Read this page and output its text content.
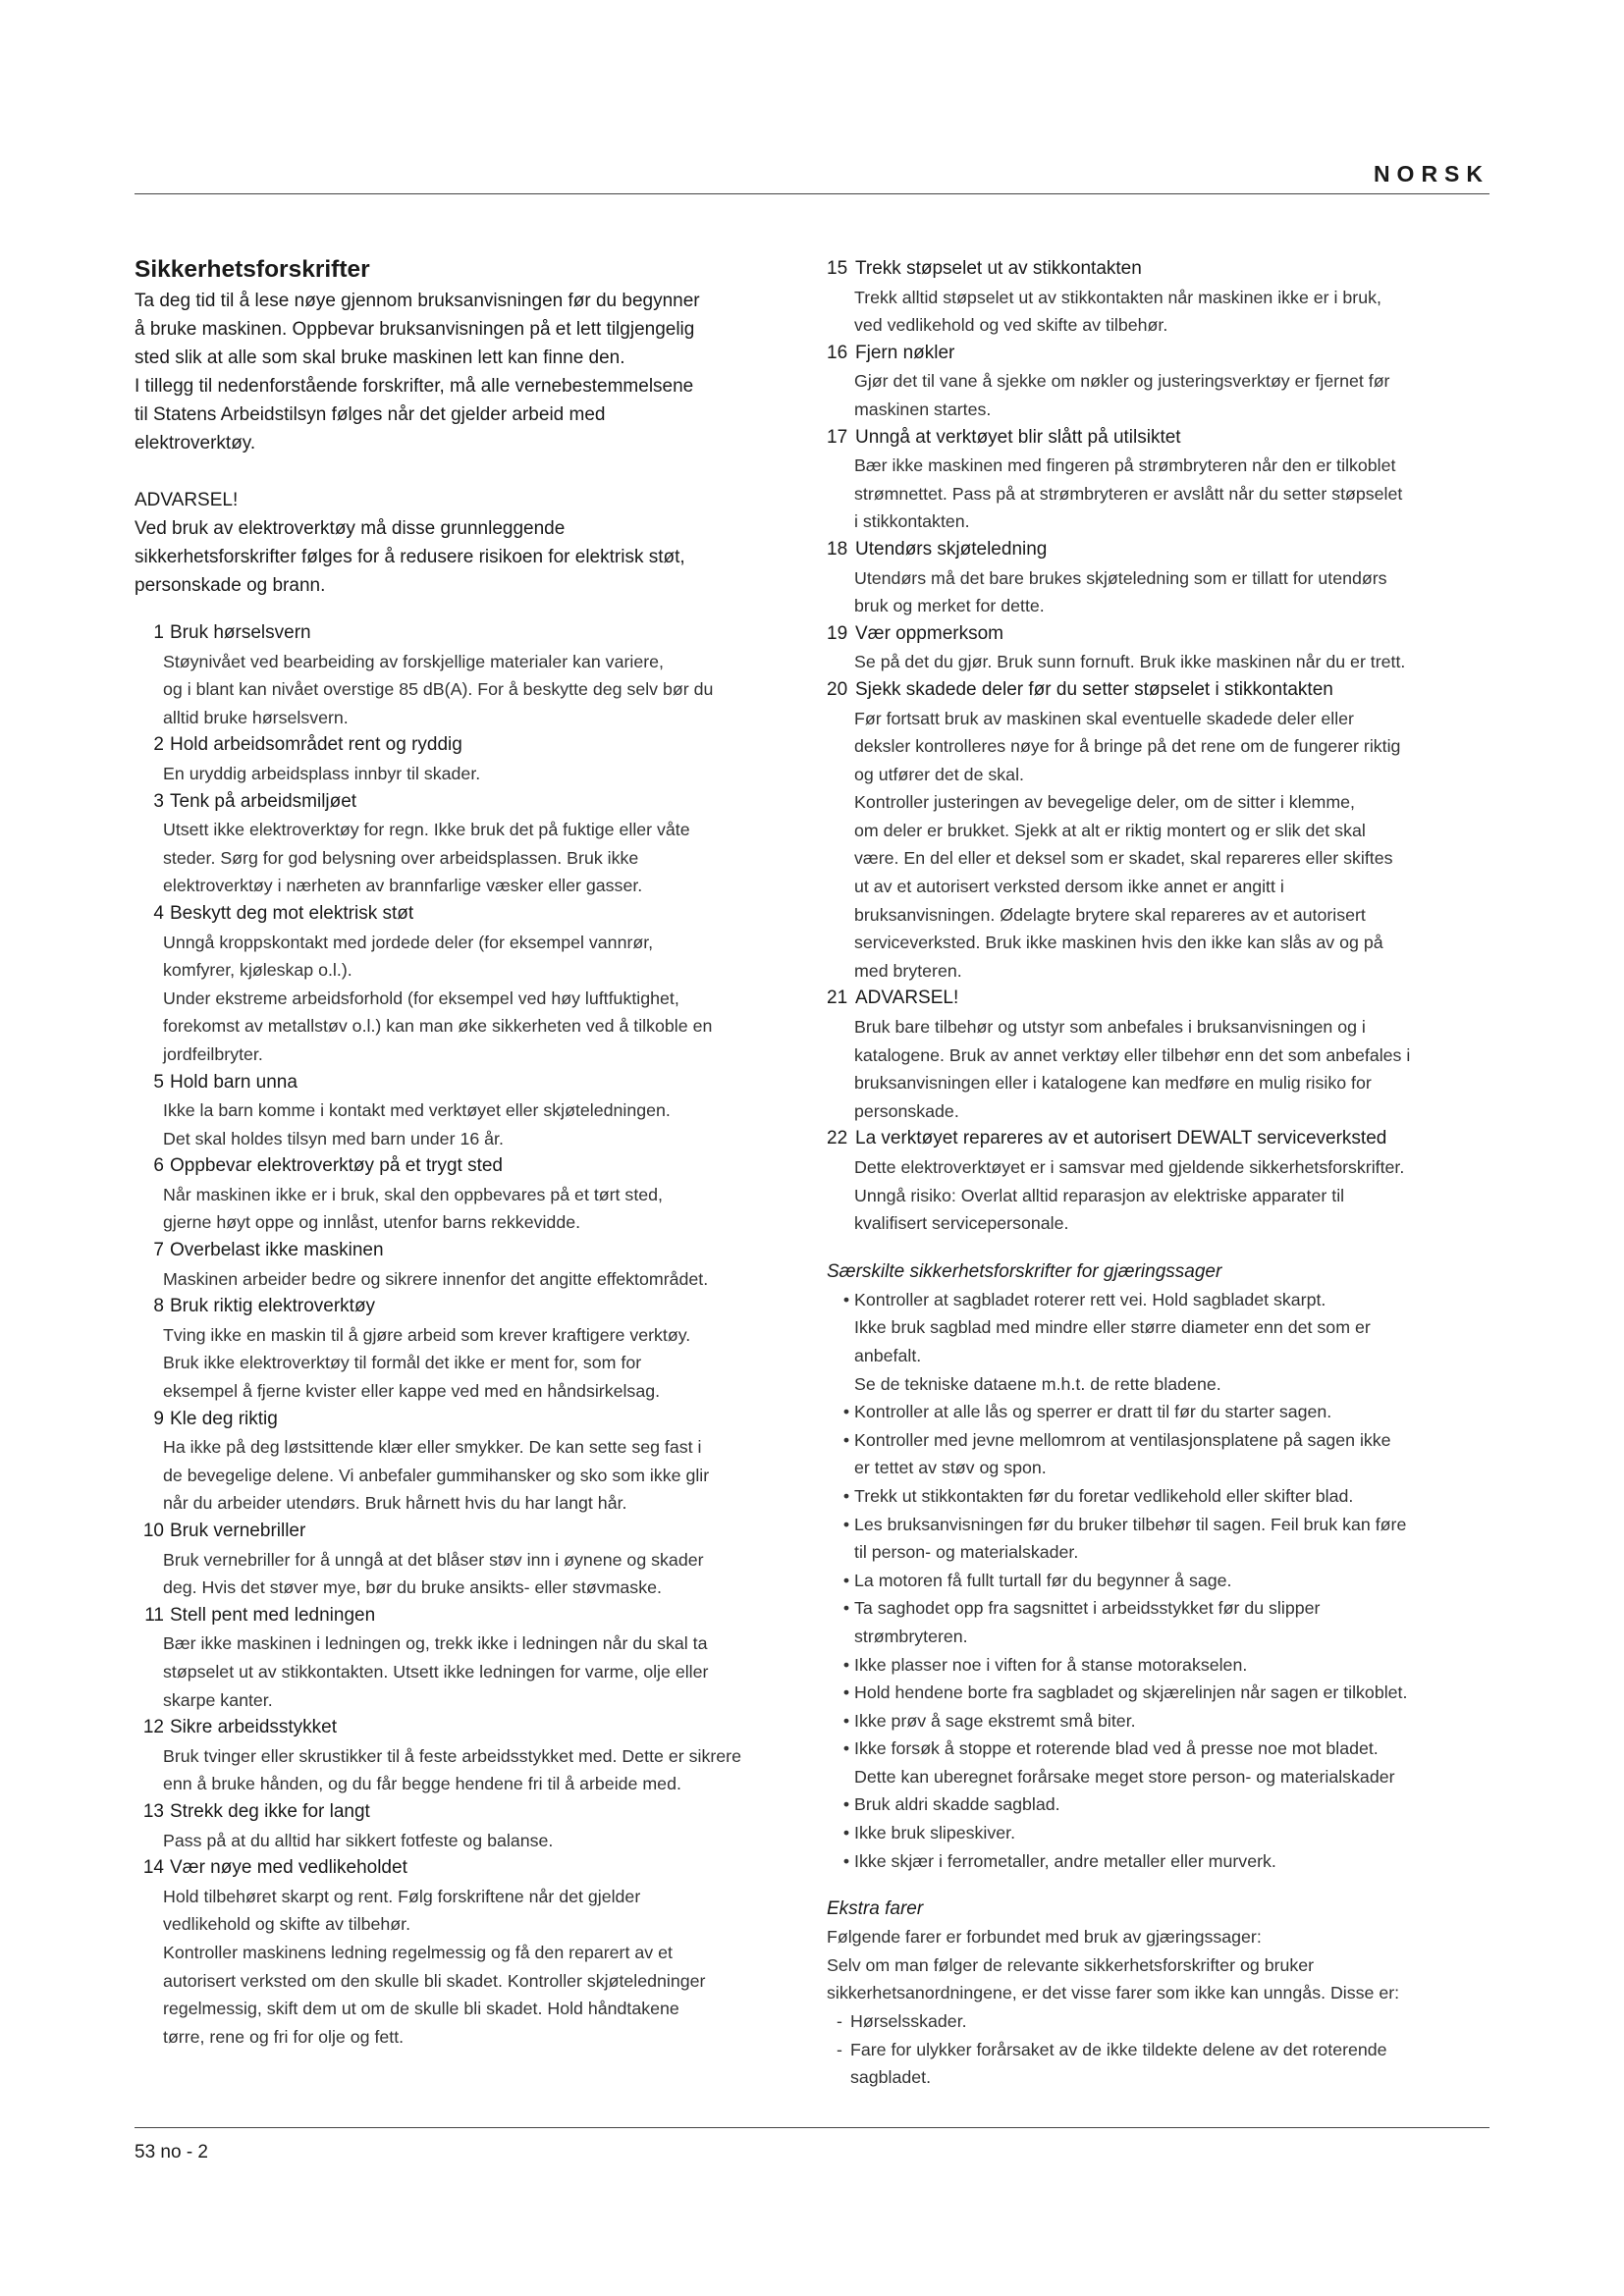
NORSK
Sikkerhetsforskrifter

Ta deg tid til å lese nøye gjennom bruksanvisningen før du begynner

å bruke maskinen. Oppbevar bruksanvisningen på et lett tilgjengelig

sted slik at alle som skal bruke maskinen lett kan finne den.

I tillegg til nedenforstående forskrifter, må alle vernebestemmelsene

til Statens Arbeidstilsyn følges når det gjelder arbeid med

elektroverktøy.

ADVARSEL!

Ved bruk av elektroverktøy må disse grunnleggende

sikkerhetsforskrifter følges for å redusere risikoen for elektrisk støt,

personskade og brann.

1 Bruk hørselsvern
Støynivået ved bearbeiding av forskjellige materialer kan variere,
og i blant kan nivået overstige 85 dB(A). For å beskytte deg selv bør du
alltid bruke hørselsvern.
2 Hold arbeidsområdet rent og ryddig
En uryddig arbeidsplass innbyr til skader.
3 Tenk på arbeidsmiljøet
Utsett ikke elektroverktøy for regn. Ikke bruk det på fuktige eller våte
steder. Sørg for god belysning over arbeidsplassen. Bruk ikke
elektroverktøy i nærheten av brannfarlige væsker eller gasser.
4 Beskytt deg mot elektrisk støt
Unngå kroppskontakt med jordede deler (for eksempel vannrør,
komfyrer, kjøleskap o.l.).
Under ekstreme arbeidsforhold (for eksempel ved høy luftfuktighet,
forekomst av metallstøv o.l.) kan man øke sikkerheten ved å tilkoble en
jordfeilbryter.
5 Hold barn unna
Ikke la barn komme i kontakt med verktøyet eller skjøteledningen.
Det skal holdes tilsyn med barn under 16 år.
6 Oppbevar elektroverktøy på et trygt sted
Når maskinen ikke er i bruk, skal den oppbevares på et tørt sted,
gjerne høyt oppe og innlåst, utenfor barns rekkevidde.
7 Overbelast ikke maskinen
Maskinen arbeider bedre og sikrere innenfor det angitte effektområdet.
8 Bruk riktig elektroverktøy
Tving ikke en maskin til å gjøre arbeid som krever kraftigere verktøy.
Bruk ikke elektroverktøy til formål det ikke er ment for, som for
eksempel å fjerne kvister eller kappe ved med en håndsirkelsag.
9 Kle deg riktig
Ha ikke på deg løstsittende klær eller smykker. De kan sette seg fast i
de bevegelige delene. Vi anbefaler gummihansker og sko som ikke glir
når du arbeider utendørs. Bruk hårnett hvis du har langt hår.
10 Bruk vernebriller
Bruk vernebriller for å unngå at det blåser støv inn i øynene og skader
deg. Hvis det støver mye, bør du bruke ansikts- eller støvmaske.
11 Stell pent med ledningen
Bær ikke maskinen i ledningen og, trekk ikke i ledningen når du skal ta
støpselet ut av stikkontakten. Utsett ikke ledningen for varme, olje eller
skarpe kanter.
12 Sikre arbeidsstykket
Bruk tvinger eller skrustikker til å feste arbeidsstykket med. Dette er sikrere
enn å bruke hånden, og du får begge hendene fri til å arbeide med.
13 Strekk deg ikke for langt
Pass på at du alltid har sikkert fotfeste og balanse.
14 Vær nøye med vedlikeholdet
Hold tilbehøret skarpt og rent. Følg forskriftene når det gjelder
vedlikehold og skifte av tilbehør.
Kontroller maskinens ledning regelmessig og få den reparert av et
autorisert verksted om den skulle bli skadet. Kontroller skjøteledninger
regelmessig, skift dem ut om de skulle bli skadet. Hold håndtakene
tørre, rene og fri for olje og fett.
15 Trekk støpselet ut av stikkontakten
Trekk alltid støpselet ut av stikkontakten når maskinen ikke er i bruk,
ved vedlikehold og ved skifte av tilbehør.
16 Fjern nøkler
Gjør det til vane å sjekke om nøkler og justeringsverktøy er fjernet før
maskinen startes.
17 Unngå at verktøyet blir slått på utilsiktet
Bær ikke maskinen med fingeren på strømbryteren når den er tilkoblet
strømnettet. Pass på at strømbryteren er avslått når du setter støpselet
i stikkontakten.
18 Utendørs skjøteledning
Utendørs må det bare brukes skjøteledning som er tillatt for utendørs
bruk og merket for dette.
19 Vær oppmerksom
Se på det du gjør. Bruk sunn fornuft. Bruk ikke maskinen når du er trett.
20 Sjekk skadede deler før du setter støpselet i stikkontakten
Før fortsatt bruk av maskinen skal eventuelle skadede deler eller
deksler kontrolleres nøye for å bringe på det rene om de fungerer riktig
og utfører det de skal.
Kontroller justeringen av bevegelige deler, om de sitter i klemme,
om deler er brukket. Sjekk at alt er riktig montert og er slik det skal
være. En del eller et deksel som er skadet, skal repareres eller skiftes
ut av et autorisert verksted dersom ikke annet er angitt i
bruksanvisningen. Ødelagte brytere skal repareres av et autorisert
serviceverksted. Bruk ikke maskinen hvis den ikke kan slås av og på
med bryteren.
21 ADVARSEL!
Bruk bare tilbehør og utstyr som anbefales i bruksanvisningen og i
katalogene. Bruk av annet verktøy eller tilbehør enn det som anbefales i
bruksanvisningen eller i katalogene kan medføre en mulig risiko for
personskade.
22 La verktøyet repareres av et autorisert DEWALT serviceverksted
Dette elektroverktøyet er i samsvar med gjeldende sikkerhetsforskrifter.
Unngå risiko: Overlat alltid reparasjon av elektriske apparater til
kvalifisert servicepersonale.
Særskilte sikkerhetsforskrifter for gjæringssager
• Kontroller at sagbladet roterer rett vei. Hold sagbladet skarpt.
Ikke bruk sagblad med mindre eller større diameter enn det som er
anbefalt.
Se de tekniske dataene m.h.t. de rette bladene.
• Kontroller at alle lås og sperrer er dratt til før du starter sagen.
• Kontroller med jevne mellomrom at ventilasjonsplatene på sagen ikke
er tettet av støv og spon.
• Trekk ut stikkontakten før du foretar vedlikehold eller skifter blad.
• Les bruksanvisningen før du bruker tilbehør til sagen. Feil bruk kan føre
til person- og materialskader.
• La motoren få fullt turtall før du begynner å sage.
• Ta saghodet opp fra sagsnittet i arbeidsstykket før du slipper
strømbryteren.
• Ikke plasser noe i viften for å stanse motorakselen.
• Hold hendene borte fra sagbladet og skjærelinjen når sagen er tilkoblet.
• Ikke prøv å sage ekstremt små biter.
• Ikke forsøk å stoppe et roterende blad ved å presse noe mot bladet.
Dette kan uberegnet forårsake meget store person- og materialskader
• Bruk aldri skadde sagblad.
• Ikke bruk slipeskiver.
• Ikke skjær i ferrometaller, andre metaller eller murverk.
Ekstra farer
Følgende farer er forbundet med bruk av gjæringssager:
Selv om man følger de relevante sikkerhetsforskrifter og bruker
sikkerhetsanordningene, er det visse farer som ikke kan unngås. Disse er:
- Hørselsskader.
- Fare for ulykker forårsaket av de ikke tildekte delene av det roterende
sagbladet.
53 no - 2
